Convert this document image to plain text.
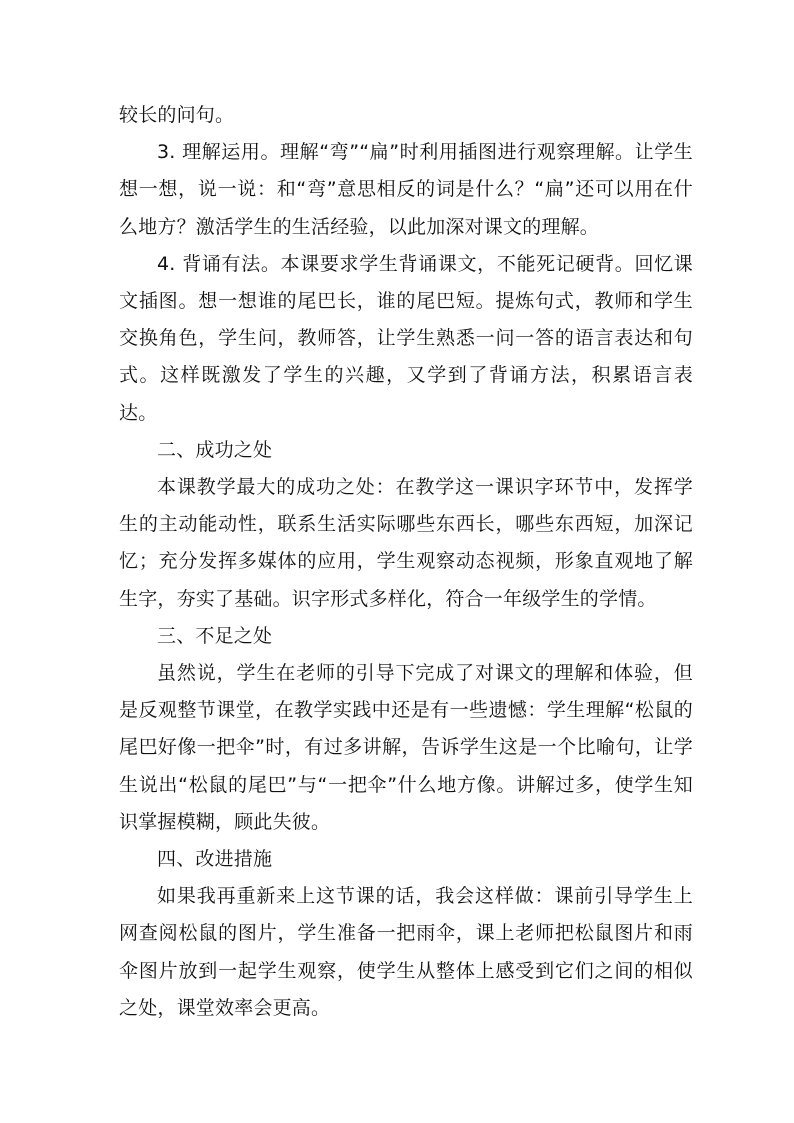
较长的问句。

3. 理解运用。理解“弯”“扁”时利用插图进行观察理解。让学生想一想，说一说：和“弯”意思相反的词是什么？“扁”还可以用在什么地方？激活学生的生活经验，以此加深对课文的理解。

4. 背诵有法。本课要求学生背诵课文，不能死记硬背。回忆课文插图。想一想谁的尾巴长，谁的尾巴短。提炼句式，教师和学生交换角色，学生问，教师答，让学生熟悉一问一答的语言表达和句式。这样既激发了学生的兴趣，又学到了背诵方法，积累语言表达。

二、成功之处

本课教学最大的成功之处：在教学这一课识字环节中，发挥学生的主动能动性，联系生活实际哪些东西长，哪些东西短，加深记忆；充分发挥多媒体的应用，学生观察动态视频，形象直观地了解生字，夯实了基础。识字形式多样化，符合一年级学生的学情。

三、不足之处

虽然说，学生在老师的引导下完成了对课文的理解和体验，但是反观整节课堂，在教学实践中还是有一些遗憾：学生理解“松鼠的尾巴好像一把伞”时，有过多讲解，告诉学生这是一个比喻句，让学生说出“松鼠的尾巴”与“一把伞”什么地方像。讲解过多，使学生知识掌握模糊，顾此失彼。

四、改进措施

如果我再重新来上这节课的话，我会这样做：课前引导学生上网查阅松鼠的图片，学生准备一把雨伞，课上老师把松鼠图片和雨伞图片放到一起学生观察，使学生从整体上感受到它们之间的相似之处，课堂效率会更高。
